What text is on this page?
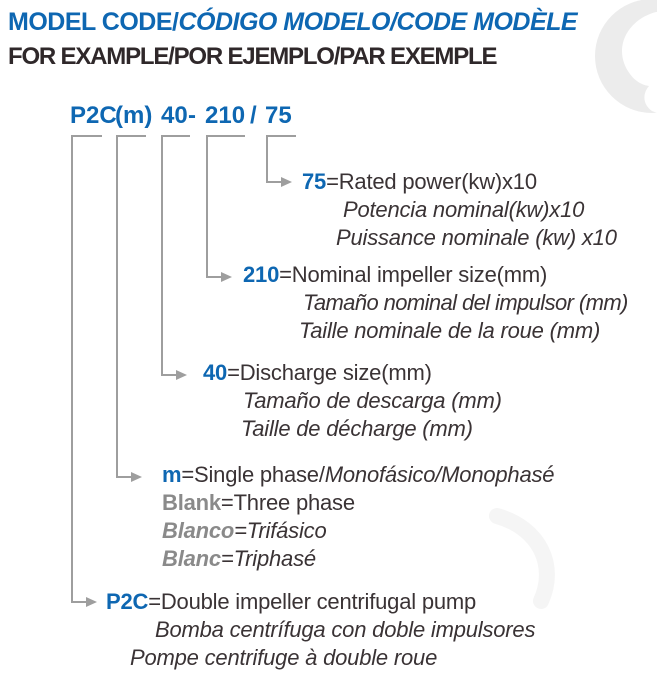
MODEL CODE/CÓDIGO MODELO/CODE MODÈLE
FOR EXAMPLE/POR EJEMPLO/PAR EXEMPLE
P2C
(m) 40 - 210 / 75
75=Rated power(kw)x10
Potencia nominal(kw)x10
Puissance nominale (kw) x10
210=Nominal impeller size(mm)
Tamaño nominal del impulsor (mm)
Taille nominale de la roue (mm)
40=Discharge size(mm)
Tamaño de descarga (mm)
Taille de décharge (mm)
m=Single phase/Monofásico/Monophasé
Blank=Three phase
Blanco=Trifásico
Blanc=Triphasé
P2C=Double impeller centrifugal pump
Bomba centrífuga con doble impulsores
Pompe centrifuge à double roue
